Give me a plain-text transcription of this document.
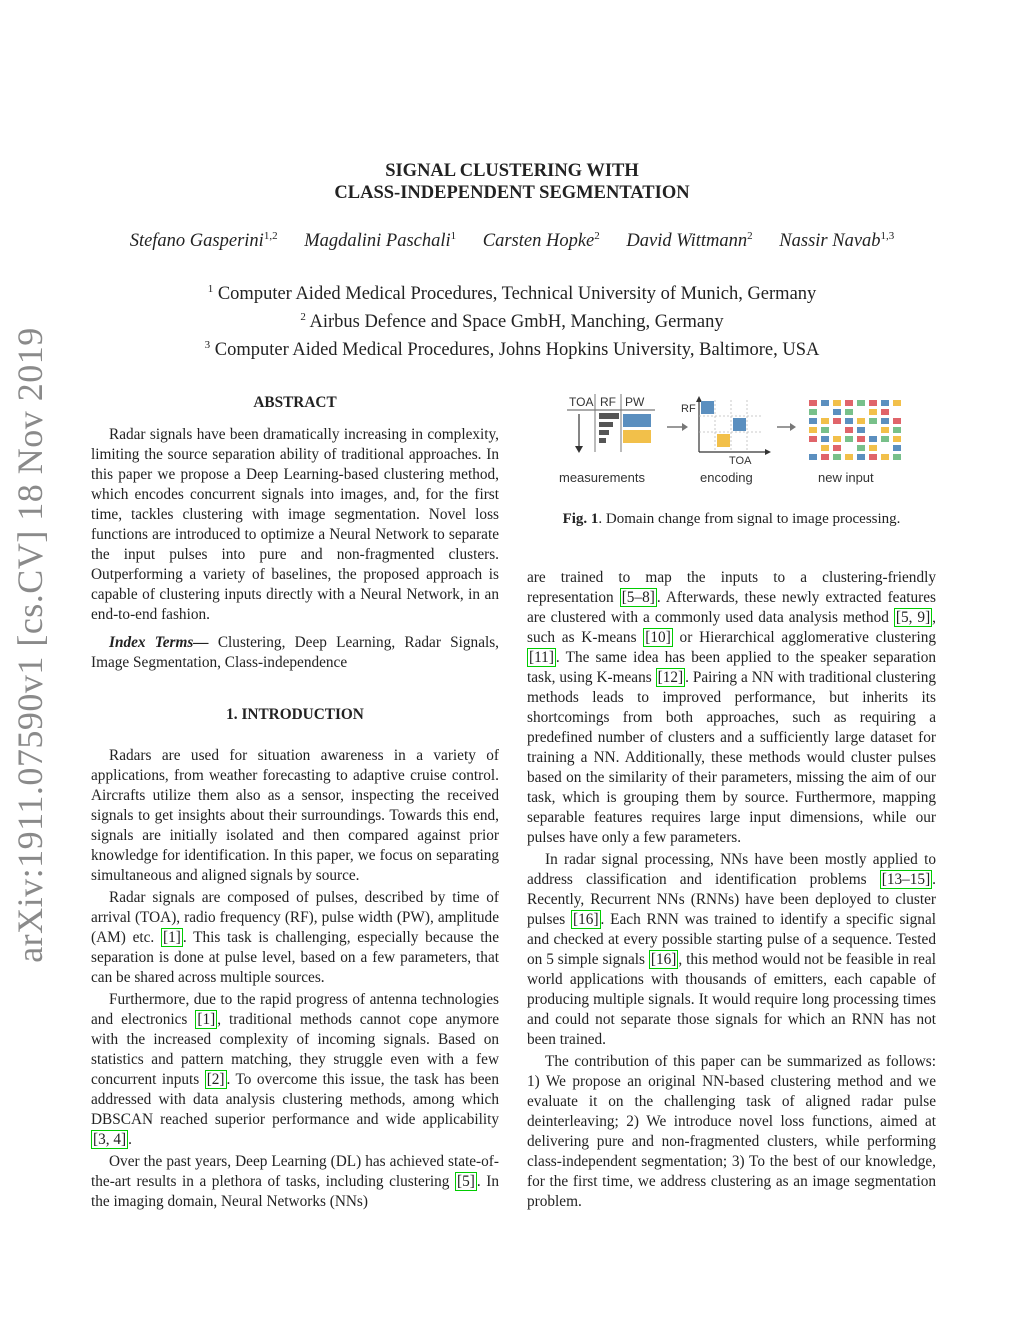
arXiv:1911.07590v1 [cs.CV] 18 Nov 2019
SIGNAL CLUSTERING WITH
CLASS-INDEPENDENT SEGMENTATION
Stefano Gasperini$^{1,2}$ Magdalini Paschali$^1$ Carsten Hopke$^2$ David Wittmann$^2$ Nassir Navab$^{1,3}$
$^1$ Computer Aided Medical Procedures, Technical University of Munich, Germany
$^2$ Airbus Defence and Space GmbH, Manching, Germany
$^3$ Computer Aided Medical Procedures, Johns Hopkins University, Baltimore, USA
ABSTRACT

Radar signals have been dramatically increasing in complexity, limiting the source separation ability of traditional approaches. In this paper we propose a Deep Learning-based clustering method, which encodes concurrent signals into images, and, for the first time, tackles clustering with image segmentation. Novel loss functions are introduced to optimize a Neural Network to separate the input pulses into pure and non-fragmented clusters. Outperforming a variety of baselines, the proposed approach is capable of clustering inputs directly with a Neural Network, in an end-to-end fashion.

Index Terms— Clustering, Deep Learning, Radar Signals, Image Segmentation, Class-independence

1. INTRODUCTION

Radars are used for situation awareness in a variety of applications, from weather forecasting to adaptive cruise control. Aircrafts utilize them also as a sensor, inspecting the received signals to get insights about their surroundings. Towards this end, signals are initially isolated and then compared against prior knowledge for identification. In this paper, we focus on separating simultaneous and aligned signals by source.

Radar signals are composed of pulses, described by time of arrival (TOA), radio frequency (RF), pulse width (PW), amplitude (AM) etc. [1] . This task is challenging, especially because the separation is done at pulse level, based on a few parameters, that can be shared across multiple sources.

Furthermore, due to the rapid progress of antenna technologies and electronics [1] , traditional methods cannot cope anymore with the increased complexity of incoming signals. Based on statistics and pattern matching, they struggle even with a few concurrent inputs [2] . To overcome this issue, the task has been addressed with data analysis clustering methods, among which DBSCAN reached superior performance and wide applicability [3, 4] .

Over the past years, Deep Learning (DL) has achieved state-of-the-art results in a plethora of tasks, including clustering [5] . In the imaging domain, Neural Networks (NNs)

TOA RF PW	RF
TOA
measurements	encoding	new input
Fig. 1. Domain change from signal to image processing.

are trained to map the inputs to a clustering-friendly representation [5–8] . Afterwards, these newly extracted features are clustered with a commonly used data analysis method [5, 9] , such as K-means [10] or Hierarchical agglomerative clustering [11] . The same idea has been applied to the speaker separation task, using K-means [12] . Pairing a NN with traditional clustering methods leads to improved performance, but inherits its shortcomings from both approaches, such as requiring a predefined number of clusters and a sufficiently large dataset for training a NN. Additionally, these methods would cluster pulses based on the similarity of their parameters, missing the aim of our task, which is grouping them by source. Furthermore, mapping separable features requires large input dimensions, while our pulses have only a few parameters.

In radar signal processing, NNs have been mostly applied to address classification and identification problems [13–15] . Recently, Recurrent NNs (RNNs) have been deployed to cluster pulses [16] . Each RNN was trained to identify a specific signal and checked at every possible starting pulse of a sequence. Tested on 5 simple signals [16] , this method would not be feasible in real world applications with thousands of emitters, each capable of producing multiple signals. It would require long processing times and could not separate those signals for which an RNN has not been trained.

The contribution of this paper can be summarized as follows: 1) We propose an original NN-based clustering method and we evaluate it on the challenging task of aligned radar pulse deinterleaving; 2) We introduce novel loss functions, aimed at delivering pure and non-fragmented clusters, while performing class-independent segmentation; 3) To the best of our knowledge, for the first time, we address clustering as an image segmentation problem.
